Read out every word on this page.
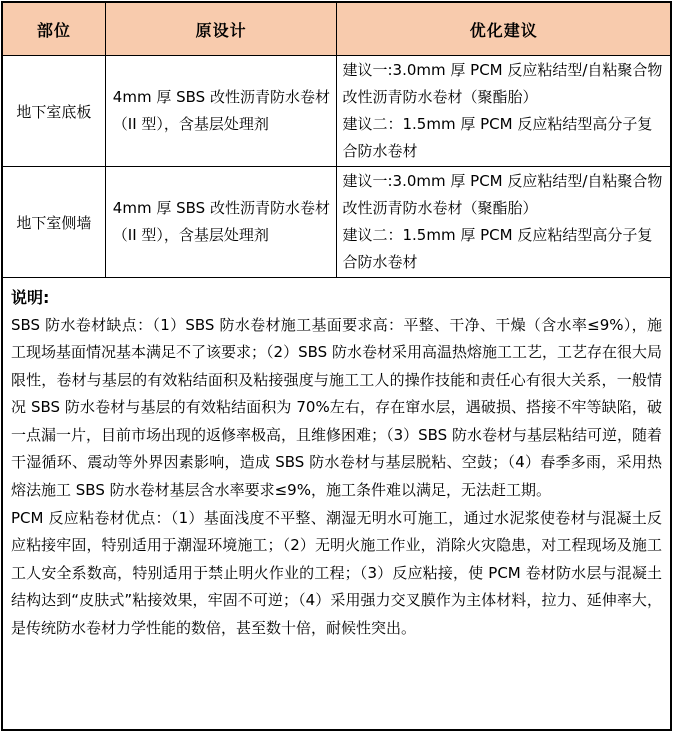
部位	原设计	优化建议
地下室底板	4mm 厚 SBS 改性沥青防水卷材（II 型），含基层处理剂	建议一:3.0mm 厚 PCM 反应粘结型/自粘聚合物改性沥青防水卷材（聚酯胎）

建议二：1.5mm 厚 PCM 反应粘结型高分子复合防水卷材

地下室侧墙	4mm 厚 SBS 改性沥青防水卷材（II 型），含基层处理剂	建议一:3.0mm 厚 PCM 反应粘结型/自粘聚合物改性沥青防水卷材（聚酯胎）

建议二：1.5mm 厚 PCM 反应粘结型高分子复合防水卷材

说明:

SBS 防水卷材缺点：（1）SBS 防水卷材施工基面要求高：平整、干净、干燥（含水率≤9%），施工现场基面情况基本满足不了该要求；（2）SBS 防水卷材采用高温热熔施工工艺，工艺存在很大局限性，卷材与基层的有效粘结面积及粘接强度与施工工人的操作技能和责任心有很大关系，一般情况 SBS 防水卷材与基层的有效粘结面积为 70%左右，存在窜水层，遇破损、搭接不牢等缺陷，破一点漏一片，目前市场出现的返修率极高，且维修困难；（3）SBS 防水卷材与基层粘结可逆，随着干湿循环、震动等外界因素影响，造成 SBS 防水卷材与基层脱粘、空鼓；（4）春季多雨，采用热熔法施工 SBS 防水卷材基层含水率要求≤9%，施工条件难以满足，无法赶工期。

PCM 反应粘卷材优点：（1）基面浅度不平整、潮湿无明水可施工，通过水泥浆使卷材与混凝土反应粘接牢固，特别适用于潮湿环境施工；（2）无明火施工作业，消除火灾隐患，对工程现场及施工工人安全系数高，特别适用于禁止明火作业的工程；（3）反应粘接，使 PCM 卷材防水层与混凝土结构达到“皮肤式”粘接效果，牢固不可逆；（4）采用强力交叉膜作为主体材料，拉力、延伸率大，是传统防水卷材力学性能的数倍，甚至数十倍，耐候性突出。		
